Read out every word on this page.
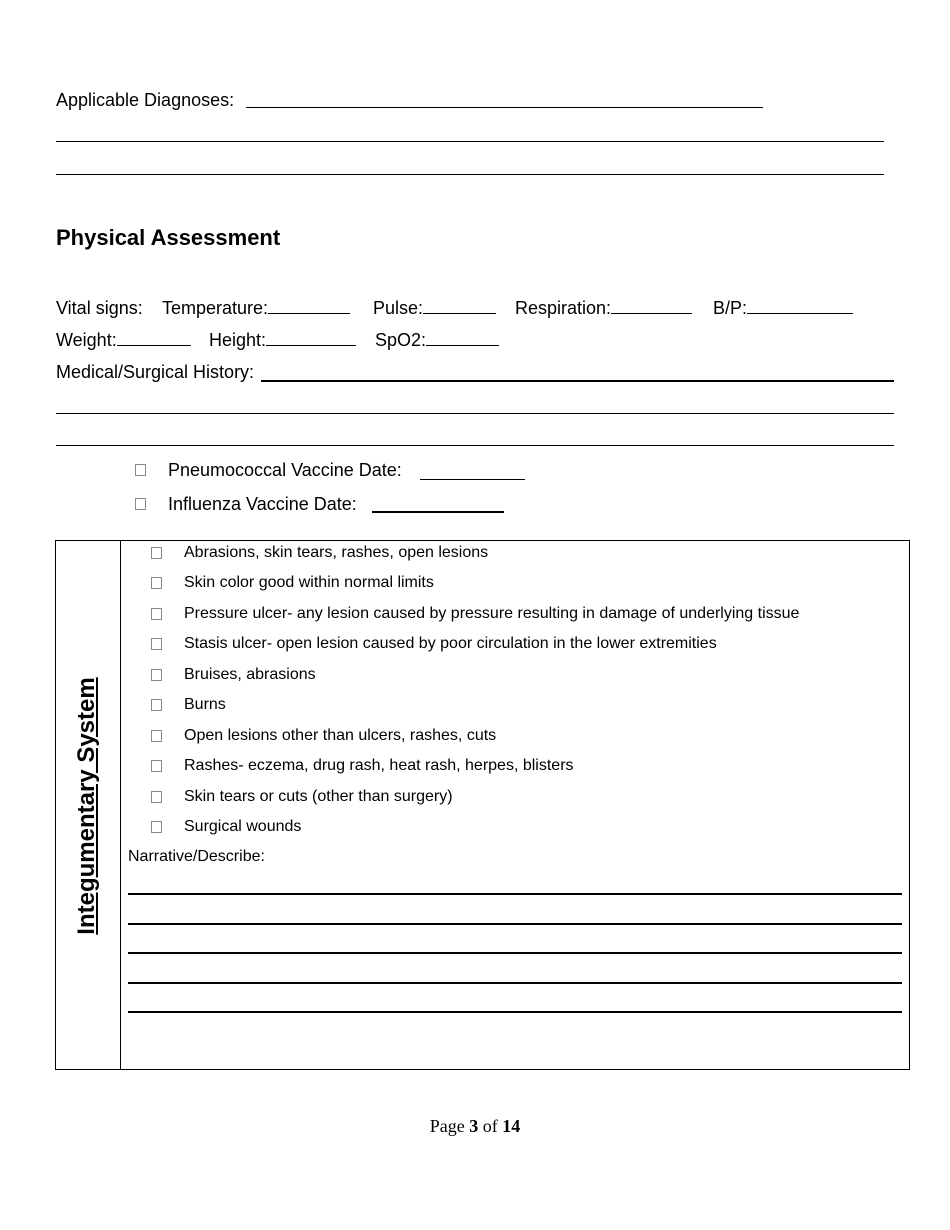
Applicable Diagnoses:
Physical Assessment
Vital signs: Temperature:	Pulse:	Respiration:	B/P:
Weight:	Height:	SpO2:
Medical/Surgical History:
Pneumococcal Vaccine Date:
Influenza Vaccine Date:
Integumentary System
Abrasions, skin tears, rashes, open lesions
Skin color good within normal limits
Pressure ulcer- any lesion caused by pressure resulting in damage of underlying tissue
Stasis ulcer- open lesion caused by poor circulation in the lower extremities
Bruises, abrasions
Burns
Open lesions other than ulcers, rashes, cuts
Rashes- eczema, drug rash, heat rash, herpes, blisters
Skin tears or cuts (other than surgery)
Surgical wounds
Narrative/Describe:
Page 3 of 14
